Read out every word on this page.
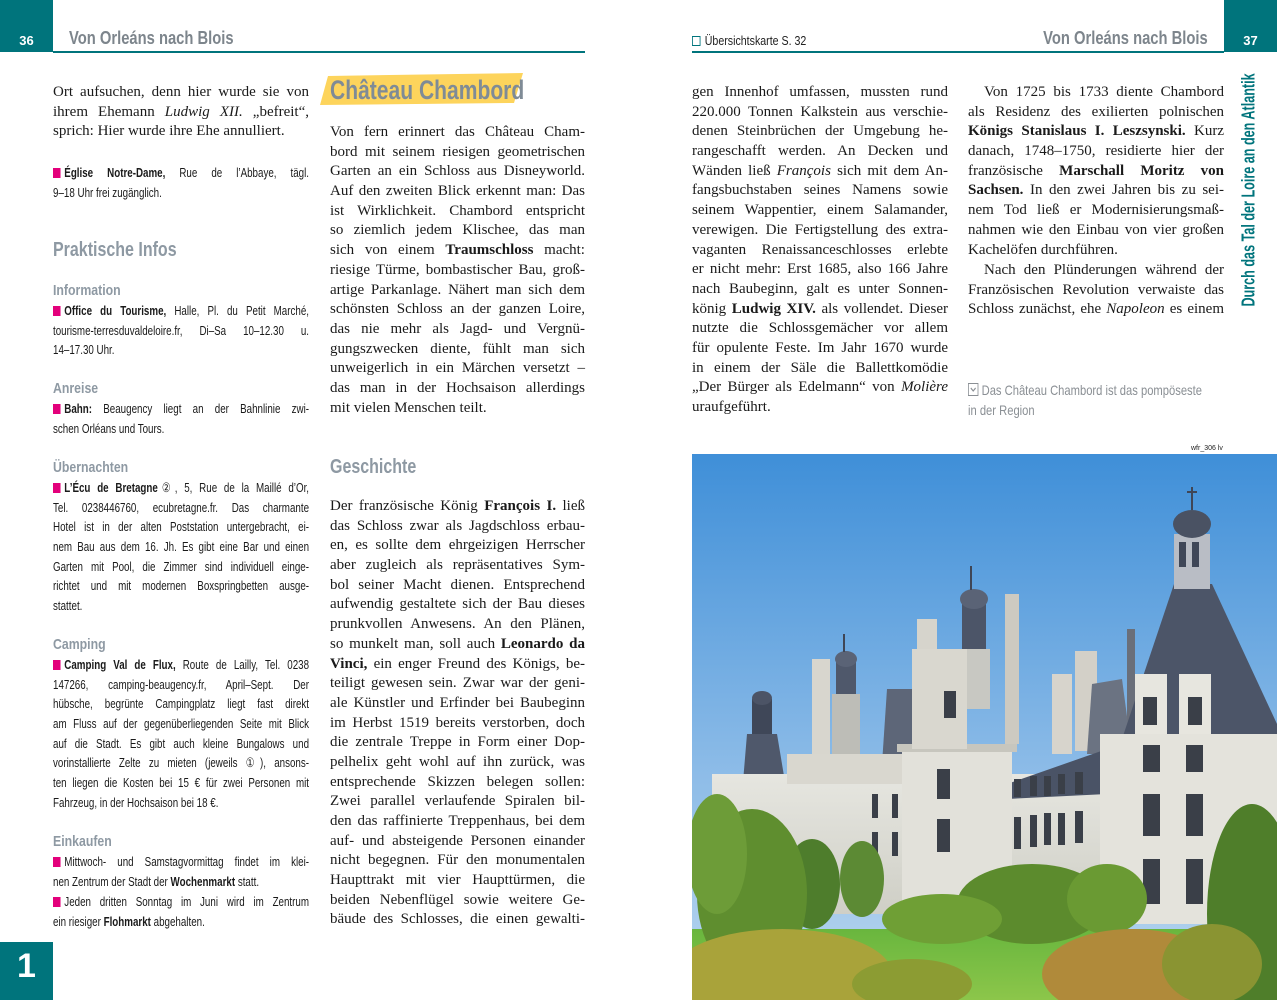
36	Von Orleáns nach Blois
1
37
Übersichtskarte S. 32	Von Orleáns nach Blois
Durch das Tal der Loire an den Atlantik
Ort aufsuchen, denn hier wurde sie von
ihrem Ehemann Ludwig XII. „befreit“,
sprich: Hier wurde ihre Ehe annulliert.
Église Notre-Dame, Rue de l’Abbaye, tägl.
9–18 Uhr frei zugänglich.
Praktische Infos
Information
Office du Tourisme, Halle, Pl. du Petit Marché,
tourisme-terresduvaldeloire.fr, Di–Sa 10–12.30 u.
14–17.30 Uhr.
Anreise
Bahn: Beaugency liegt an der Bahnlinie zwi-
schen Orléans und Tours.
Übernachten
L’Écu de Bretagne②, 5, Rue de la Maillé d’Or,
Tel. 0238446760, ecubretagne.fr. Das charmante
Hotel ist in der alten Poststation untergebracht, ei-
nem Bau aus dem 16. Jh. Es gibt eine Bar und einen
Garten mit Pool, die Zimmer sind individuell einge-
richtet und mit modernen Boxspringbetten ausge-
stattet.
Camping
Camping Val de Flux, Route de Lailly, Tel. 0238
147266, camping-beaugency.fr, April–Sept. Der
hübsche, begrünte Campingplatz liegt fast direkt
am Fluss auf der gegenüberliegenden Seite mit Blick
auf die Stadt. Es gibt auch kleine Bungalows und
vorinstallierte Zelte zu mieten (jeweils ①), ansons-
ten liegen die Kosten bei 15 € für zwei Personen mit
Fahrzeug, in der Hochsaison bei 18 €.
Einkaufen
Mittwoch- und Samstagvormittag findet im klei-
nen Zentrum der Stadt der Wochenmarkt statt.
Jeden dritten Sonntag im Juni wird im Zentrum
ein riesiger Flohmarkt abgehalten.
Château Chambord
Von fern erinnert das Château Cham-
bord mit seinem riesigen geometrischen
Garten an ein Schloss aus Disneyworld.
Auf den zweiten Blick erkennt man: Das
ist Wirklichkeit. Chambord entspricht
so ziemlich jedem Klischee, das man
sich von einem Traumschloss macht:
riesige Türme, bombastischer Bau, groß-
artige Parkanlage. Nähert man sich dem
schönsten Schloss an der ganzen Loire,
das nie mehr als Jagd- und Vergnü-
gungszwecken diente, fühlt man sich
unweigerlich in ein Märchen versetzt –
das man in der Hochsaison allerdings
mit vielen Menschen teilt.
Geschichte
Der französische König François I. ließ
das Schloss zwar als Jagdschloss erbau-
en, es sollte dem ehrgeizigen Herrscher
aber zugleich als repräsentatives Sym-
bol seiner Macht dienen. Entsprechend
aufwendig gestaltete sich der Bau dieses
prunkvollen Anwesens. An den Plänen,
so munkelt man, soll auch Leonardo da
Vinci, ein enger Freund des Königs, be-
teiligt gewesen sein. Zwar war der geni-
ale Künstler und Erfinder bei Baubeginn
im Herbst 1519 bereits verstorben, doch
die zentrale Treppe in Form einer Dop-
pelhelix geht wohl auf ihn zurück, was
entsprechende Skizzen belegen sollen:
Zwei parallel verlaufende Spiralen bil-
den das raffinierte Treppenhaus, bei dem
auf- und absteigende Personen einander
nicht begegnen. Für den monumentalen
Haupttrakt mit vier Haupttürmen, die
beiden Nebenflügel sowie weitere Ge-
bäude des Schlosses, die einen gewalti-
gen Innenhof umfassen, mussten rund
220.000 Tonnen Kalkstein aus verschie-
denen Steinbrüchen der Umgebung he-
rangeschafft werden. An Decken und
Wänden ließ François sich mit dem An-
fangsbuchstaben seines Namens sowie
seinem Wappentier, einem Salamander,
verewigen. Die Fertigstellung des extra-
vaganten Renaissanceschlosses erlebte
er nicht mehr: Erst 1685, also 166 Jahre
nach Baubeginn, galt es unter Sonnen-
könig Ludwig XIV. als vollendet. Dieser
nutzte die Schlossgemächer vor allem
für opulente Feste. Im Jahr 1670 wurde
in einem der Säle die Ballettkomödie
„Der Bürger als Edelmann“ von Molière
uraufgeführt.
Von 1725 bis 1733 diente Chambord
als Residenz des exilierten polnischen
Königs Stanislaus I. Leszsynski. Kurz
danach, 1748–1750, residierte hier der
französische Marschall Moritz von
Sachsen. In den zwei Jahren bis zu sei-
nem Tod ließ er Modernisierungsmaß-
nahmen wie den Einbau von vier großen
Kachelöfen durchführen.
Nach den Plünderungen während der
Französischen Revolution verwaiste das
Schloss zunächst, ehe Napoleon es einem
Das Château Chambord ist das pompöseste
in der Region
wfr_306 lv
